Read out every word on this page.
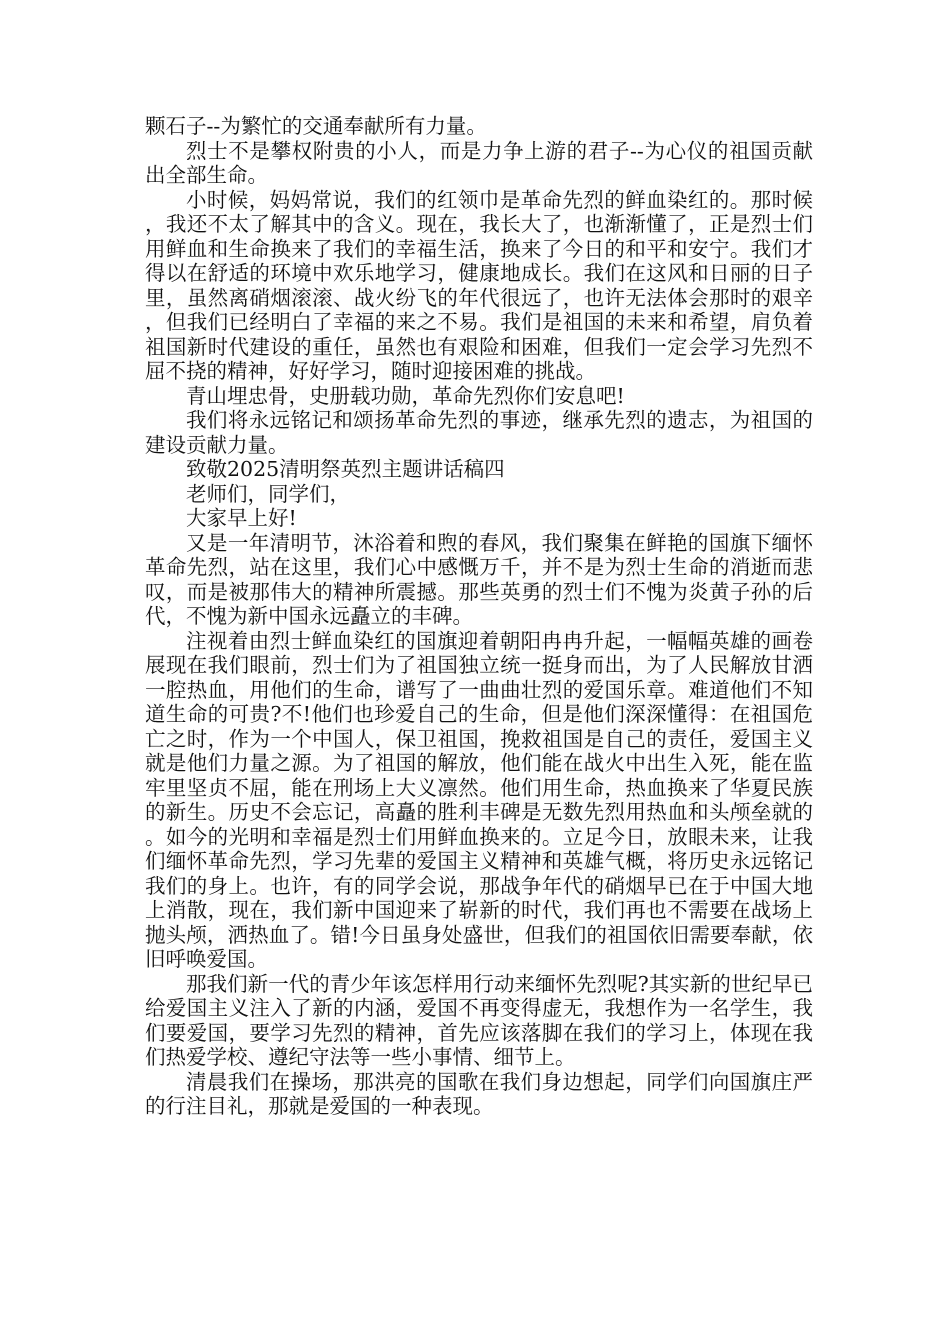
颗石子--为繁忙的交通奉献所有力量。

烈士不是攀权附贵的小人，而是力争上游的君子--为心仪的祖国贡献出全部生命。

小时候，妈妈常说，我们的红领巾是革命先烈的鲜血染红的。那时候，我还不太了解其中的含义。现在，我长大了，也渐渐懂了，正是烈士们用鲜血和生命换来了我们的幸福生活，换来了今日的和平和安宁。我们才得以在舒适的环境中欢乐地学习，健康地成长。我们在这风和日丽的日子里，虽然离硝烟滚滚、战火纷飞的年代很远了，也许无法体会那时的艰辛，但我们已经明白了幸福的来之不易。我们是祖国的未来和希望，肩负着祖国新时代建设的重任，虽然也有艰险和困难，但我们一定会学习先烈不屈不挠的精神，好好学习，随时迎接困难的挑战。

青山埋忠骨，史册载功勋，革命先烈你们安息吧!

我们将永远铭记和颂扬革命先烈的事迹，继承先烈的遗志，为祖国的建设贡献力量。

致敬2025清明祭英烈主题讲话稿四

老师们，同学们，

大家早上好!

又是一年清明节，沐浴着和煦的春风，我们聚集在鲜艳的国旗下缅怀革命先烈，站在这里，我们心中感慨万千，并不是为烈士生命的消逝而悲叹，而是被那伟大的精神所震撼。那些英勇的烈士们不愧为炎黄子孙的后代，不愧为新中国永远矗立的丰碑。

注视着由烈士鲜血染红的国旗迎着朝阳冉冉升起，一幅幅英雄的画卷展现在我们眼前，烈士们为了祖国独立统一挺身而出，为了人民解放甘洒一腔热血，用他们的生命，谱写了一曲曲壮烈的爱国乐章。难道他们不知道生命的可贵?不!他们也珍爱自己的生命，但是他们深深懂得：在祖国危亡之时，作为一个中国人，保卫祖国，挽救祖国是自己的责任，爱国主义就是他们力量之源。为了祖国的解放，他们能在战火中出生入死，能在监牢里坚贞不屈，能在刑场上大义凛然。他们用生命，热血换来了华夏民族的新生。历史不会忘记，高矗的胜利丰碑是无数先烈用热血和头颅垒就的。如今的光明和幸福是烈士们用鲜血换来的。立足今日，放眼未来，让我们缅怀革命先烈，学习先辈的爱国主义精神和英雄气概，将历史永远铭记我们的身上。也许，有的同学会说，那战争年代的硝烟早已在于中国大地上消散，现在，我们新中国迎来了崭新的时代，我们再也不需要在战场上抛头颅，洒热血了。错!今日虽身处盛世，但我们的祖国依旧需要奉献，依旧呼唤爱国。

那我们新一代的青少年该怎样用行动来缅怀先烈呢?其实新的世纪早已给爱国主义注入了新的内涵，爱国不再变得虚无，我想作为一名学生，我们要爱国，要学习先烈的精神，首先应该落脚在我们的学习上，体现在我们热爱学校、遵纪守法等一些小事情、细节上。

清晨我们在操场，那洪亮的国歌在我们身边想起，同学们向国旗庄严的行注目礼，那就是爱国的一种表现。
